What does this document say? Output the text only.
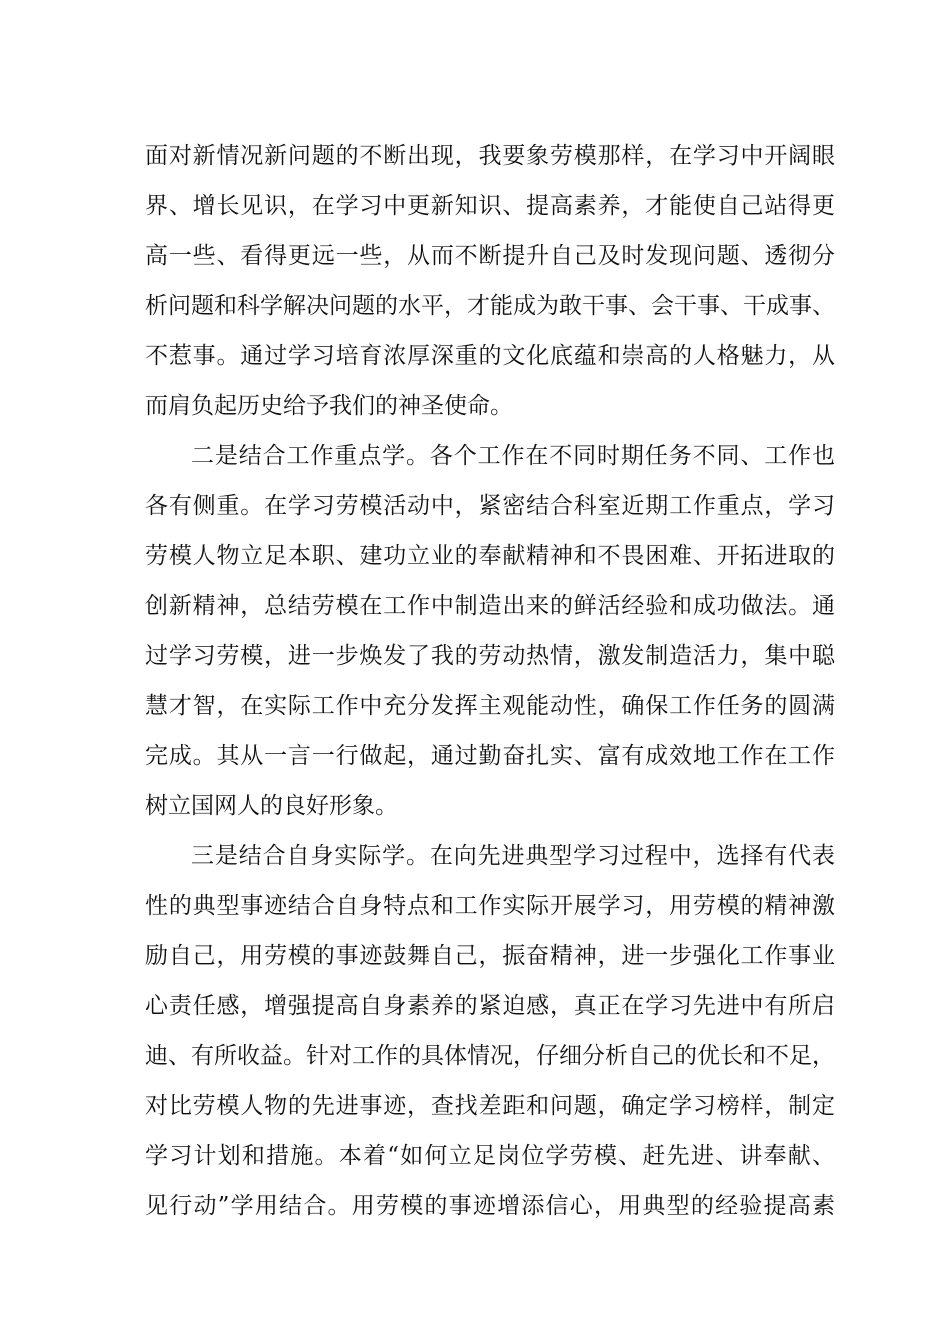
面对新情况新问题的不断出现，我要象劳模那样，在学习中开阔眼
界、增长见识，在学习中更新知识、提高素养，才能使自己站得更
高一些、看得更远一些，从而不断提升自己及时发现问题、透彻分
析问题和科学解决问题的水平，才能成为敢干事、会干事、干成事、
不惹事。通过学习培育浓厚深重的文化底蕴和崇高的人格魅力，从
而肩负起历史给予我们的神圣使命。
二是结合工作重点学。各个工作在不同时期任务不同、工作也
各有侧重。在学习劳模活动中，紧密结合科室近期工作重点，学习
劳模人物立足本职、建功立业的奉献精神和不畏困难、开拓进取的
创新精神，总结劳模在工作中制造出来的鲜活经验和成功做法。通
过学习劳模，进一步焕发了我的劳动热情，激发制造活力，集中聪
慧才智，在实际工作中充分发挥主观能动性，确保工作任务的圆满
完成。其从一言一行做起，通过勤奋扎实、富有成效地工作在工作
树立国网人的良好形象。
三是结合自身实际学。在向先进典型学习过程中，选择有代表
性的典型事迹结合自身特点和工作实际开展学习，用劳模的精神激
励自己，用劳模的事迹鼓舞自己，振奋精神，进一步强化工作事业
心责任感，增强提高自身素养的紧迫感，真正在学习先进中有所启
迪、有所收益。针对工作的具体情况，仔细分析自己的优长和不足，
对比劳模人物的先进事迹，查找差距和问题，确定学习榜样，制定
学习计划和措施。本着“如何立足岗位学劳模、赶先进、讲奉献、
见行动”学用结合。用劳模的事迹增添信心，用典型的经验提高素
